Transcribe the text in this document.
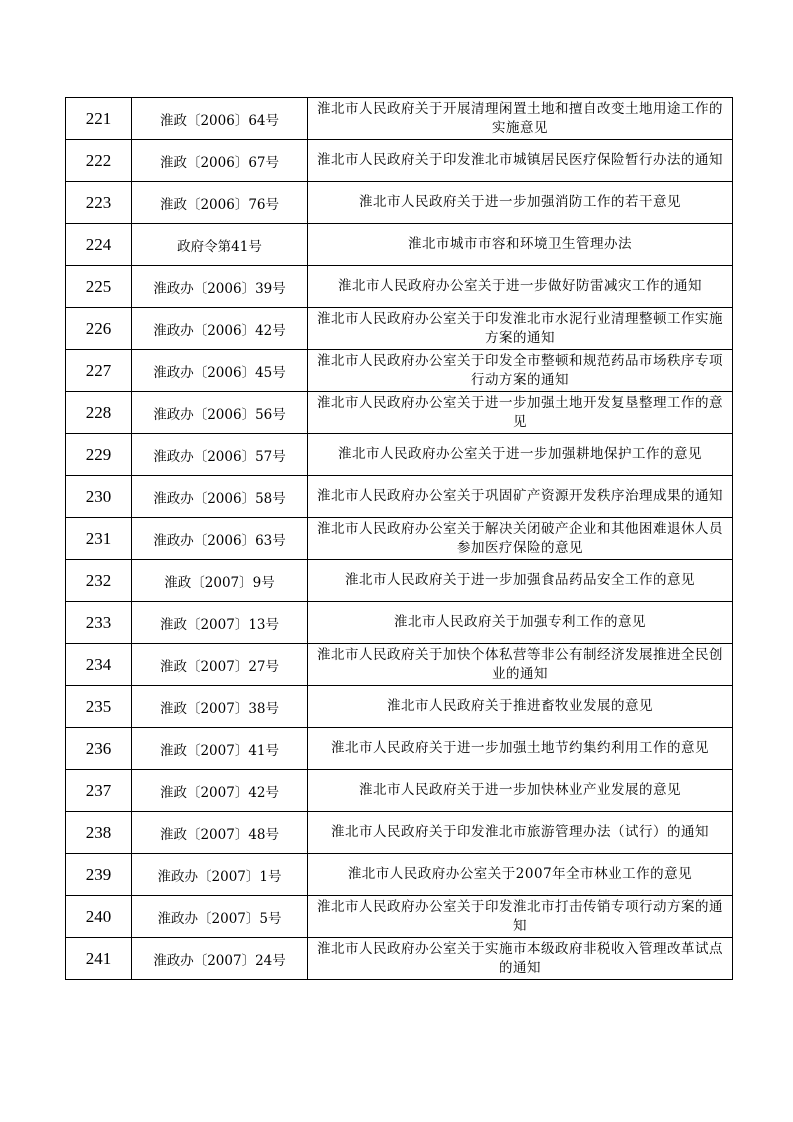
221	淮政〔2006〕64号	淮北市人民政府关于开展清理闲置土地和擅自改变土地用途工作的实施意见
222	淮政〔2006〕67号	淮北市人民政府关于印发淮北市城镇居民医疗保险暂行办法的通知
223	淮政〔2006〕76号	淮北市人民政府关于进一步加强消防工作的若干意见
224	政府令第41号	淮北市城市市容和环境卫生管理办法
225	淮政办〔2006〕39号	淮北市人民政府办公室关于进一步做好防雷减灾工作的通知
226	淮政办〔2006〕42号	淮北市人民政府办公室关于印发淮北市水泥行业清理整顿工作实施方案的通知
227	淮政办〔2006〕45号	淮北市人民政府办公室关于印发全市整顿和规范药品市场秩序专项行动方案的通知
228	淮政办〔2006〕56号	淮北市人民政府办公室关于进一步加强土地开发复垦整理工作的意见
229	淮政办〔2006〕57号	淮北市人民政府办公室关于进一步加强耕地保护工作的意见
230	淮政办〔2006〕58号	淮北市人民政府办公室关于巩固矿产资源开发秩序治理成果的通知
231	淮政办〔2006〕63号	淮北市人民政府办公室关于解决关闭破产企业和其他困难退休人员参加医疗保险的意见
232	淮政〔2007〕9号	淮北市人民政府关于进一步加强食品药品安全工作的意见
233	淮政〔2007〕13号	淮北市人民政府关于加强专利工作的意见
234	淮政〔2007〕27号	淮北市人民政府关于加快个体私营等非公有制经济发展推进全民创业的通知
235	淮政〔2007〕38号	淮北市人民政府关于推进畜牧业发展的意见
236	淮政〔2007〕41号	淮北市人民政府关于进一步加强土地节约集约利用工作的意见
237	淮政〔2007〕42号	淮北市人民政府关于进一步加快林业产业发展的意见
238	淮政〔2007〕48号	淮北市人民政府关于印发淮北市旅游管理办法（试行）的通知
239	淮政办〔2007〕1号	淮北市人民政府办公室关于2007年全市林业工作的意见
240	淮政办〔2007〕5号	淮北市人民政府办公室关于印发淮北市打击传销专项行动方案的通知
241	淮政办〔2007〕24号	淮北市人民政府办公室关于实施市本级政府非税收入管理改革试点的通知
